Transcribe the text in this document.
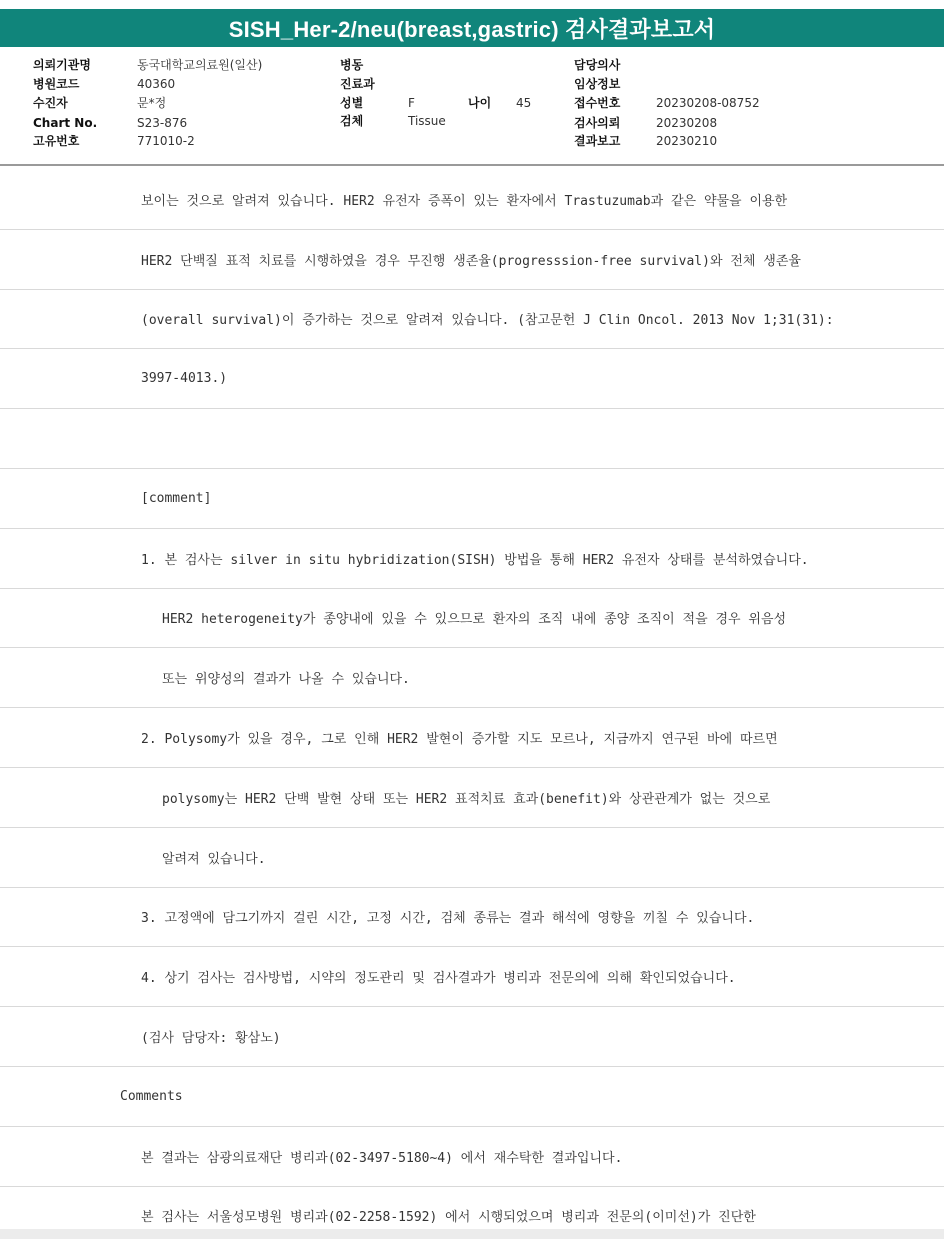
SISH_Her-2/neu(breast,gastric) 검사결과보고서
의뢰기관명	동국대학교의료원(일산)
병원코드	40360
수진자	문*정
Chart No.	S23-876
고유번호	771010-2
병동
진료과
성별	F	나이 45
검체	Tissue
담당의사
임상정보
접수번호	20230208-08752
검사의뢰	20230208
결과보고	20230210
보이는 것으로 알려져 있습니다. HER2 유전자 증폭이 있는 환자에서 Trastuzumab과 같은 약물을 이용한
HER2 단백질 표적 치료를 시행하였을 경우 무진행 생존율(progresssion-free survival)와 전체 생존율
(overall survival)이 증가하는 것으로 알려져 있습니다. (참고문헌 J Clin Oncol. 2013 Nov 1;31(31):
3997-4013.)
[comment]
1. 본 검사는 silver in situ hybridization(SISH) 방법을 통해 HER2 유전자 상태를 분석하였습니다.
HER2 heterogeneity가 종양내에 있을 수 있으므로 환자의 조직 내에 종양 조직이 적을 경우 위음성
또는 위양성의 결과가 나올 수 있습니다.
2. Polysomy가 있을 경우, 그로 인해 HER2 발현이 증가할 지도 모르나, 지금까지 연구된 바에 따르면
polysomy는 HER2 단백 발현 상태 또는 HER2 표적치료 효과(benefit)와 상관관계가 없는 것으로
알려져 있습니다.
3. 고정액에 담그기까지 걸린 시간, 고정 시간, 검체 종류는 결과 해석에 영향을 끼칠 수 있습니다.
4. 상기 검사는 검사방법, 시약의 정도관리 및 검사결과가 병리과 전문의에 의해 확인되었습니다.
(검사 담당자: 황삼노)
Comments
본 결과는 삼광의료재단 병리과(02-3497-5180~4) 에서 재수탁한 결과입니다.
본 검사는 서울성모병원 병리과(02-2258-1592) 에서 시행되었으며 병리과 전문의(이미선)가 진단한
